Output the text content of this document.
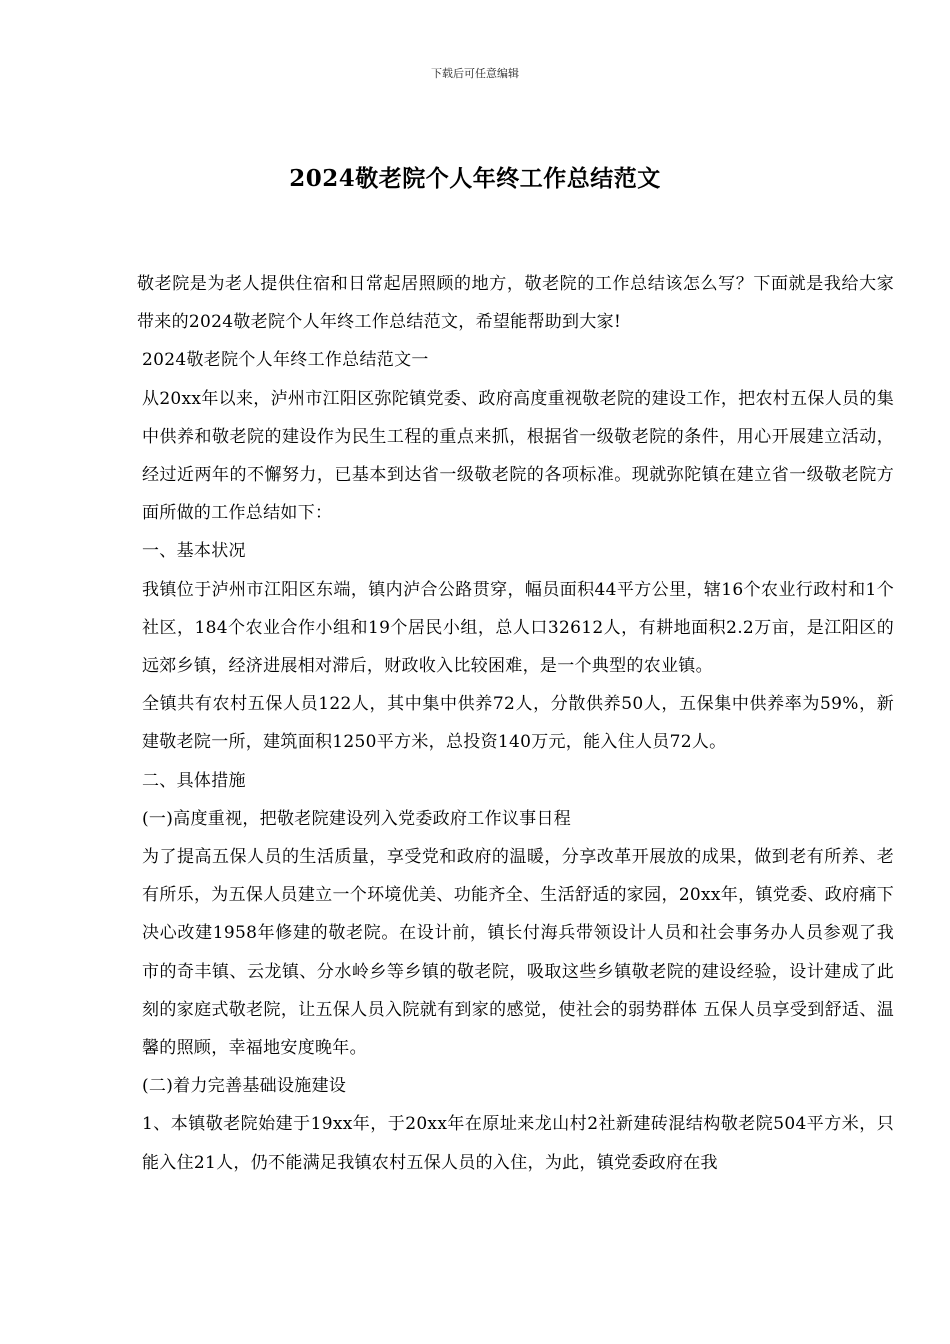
下载后可任意编辑
2024敬老院个人年终工作总结范文

敬老院是为老人提供住宿和日常起居照顾的地方，敬老院的工作总结该怎么写？下面就是我给大家带来的2024敬老院个人年终工作总结范文，希望能帮助到大家!

2024敬老院个人年终工作总结范文一

从20xx年以来，泸州市江阳区弥陀镇党委、政府高度重视敬老院的建设工作，把农村五保人员的集中供养和敬老院的建设作为民生工程的重点来抓，根据省一级敬老院的条件，用心开展建立活动，经过近两年的不懈努力，已基本到达省一级敬老院的各项标准。现就弥陀镇在建立省一级敬老院方面所做的工作总结如下：

一、基本状况

我镇位于泸州市江阳区东端，镇内泸合公路贯穿，幅员面积44平方公里，辖16个农业行政村和1个社区，184个农业合作小组和19个居民小组，总人口32612人，有耕地面积2.2万亩，是江阳区的远郊乡镇，经济进展相对滞后，财政收入比较困难，是一个典型的农业镇。

全镇共有农村五保人员122人，其中集中供养72人，分散供养50人，五保集中供养率为59%，新建敬老院一所，建筑面积1250平方米，总投资140万元，能入住人员72人。

二、具体措施

(一)高度重视，把敬老院建设列入党委政府工作议事日程

为了提高五保人员的生活质量，享受党和政府的温暖，分享改革开展放的成果，做到老有所养、老有所乐，为五保人员建立一个环境优美、功能齐全、生活舒适的家园，20xx年，镇党委、政府痛下决心改建1958年修建的敬老院。在设计前，镇长付海兵带领设计人员和社会事务办人员参观了我市的奇丰镇、云龙镇、分水岭乡等乡镇的敬老院，吸取这些乡镇敬老院的建设经验，设计建成了此刻的家庭式敬老院，让五保人员入院就有到家的感觉，使社会的弱势群体 五保人员享受到舒适、温馨的照顾，幸福地安度晚年。

(二)着力完善基础设施建设

1、本镇敬老院始建于19xx年，于20xx年在原址来龙山村2社新建砖混结构敬老院504平方米，只能入住21人，仍不能满足我镇农村五保人员的入住，为此，镇党委政府在我
